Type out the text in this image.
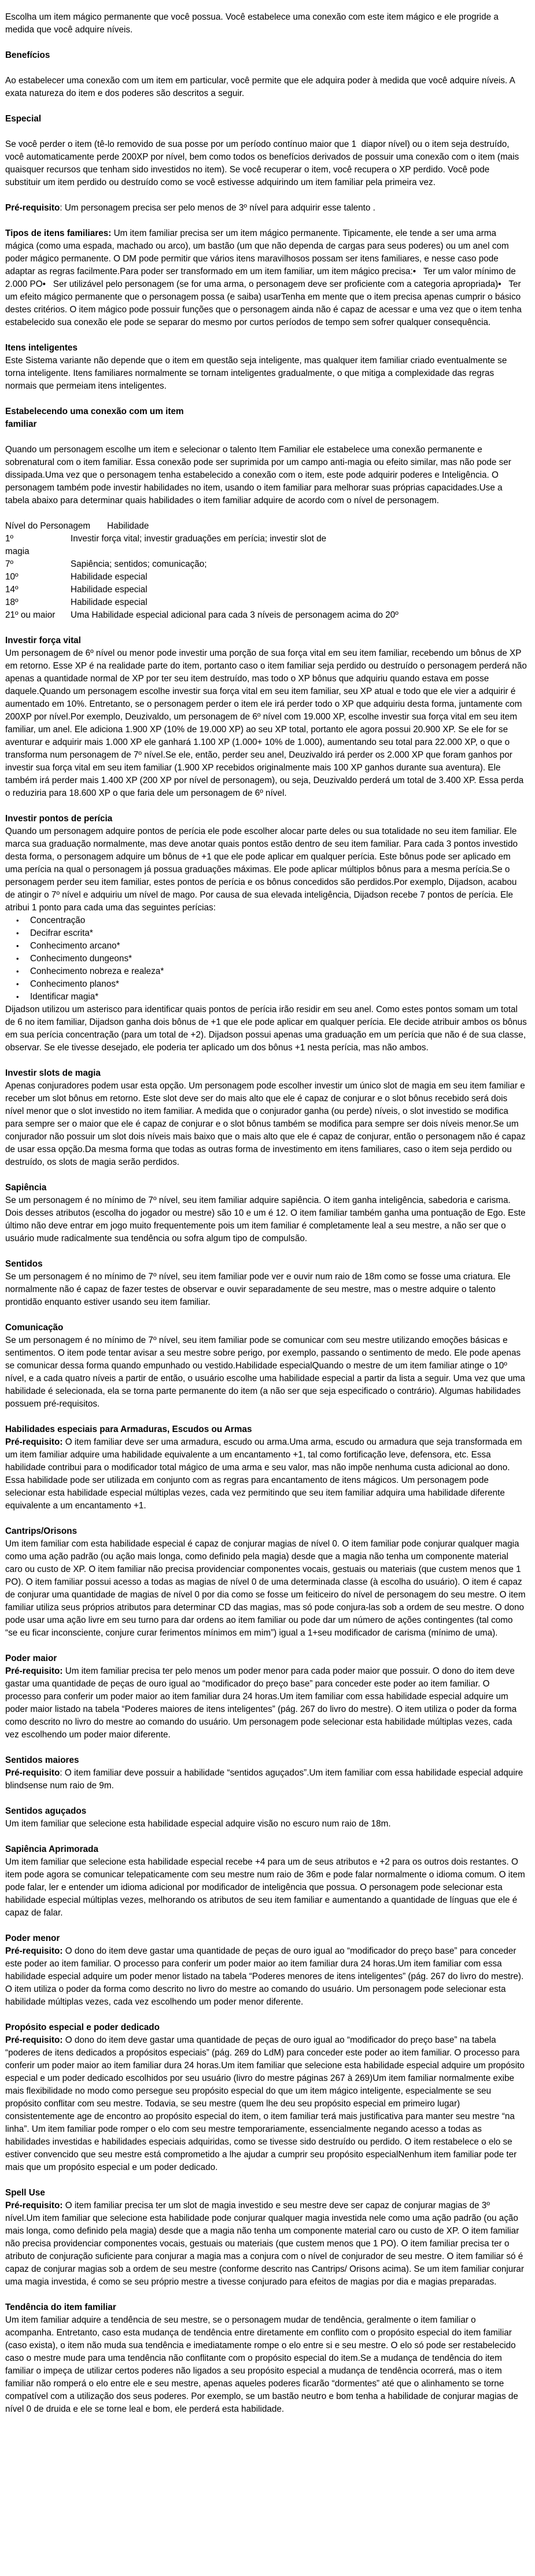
Escolha um item mágico permanente que você possua. Você estabelece uma conexão com este item mágico e ele progride a medida que você adquire níveis.
Benefícios
Ao estabelecer uma conexão com um item em particular, você permite que ele adquira poder à medida que você adquire níveis. A exata natureza do item e dos poderes são descritos a seguir.
Especial
Se você perder o item (tê-lo removido de sua posse por um período contínuo maior que 1  diapor nível) ou o item seja destruído, você automaticamente perde 200XP por nível, bem como todos os benefícios derivados de possuir uma conexão com o item (mais quaisquer recursos que tenham sido investidos no item). Se você recuperar o item, você recupera o XP perdido. Você pode substituir um item perdido ou destruído como se você estivesse adquirindo um item familiar pela primeira vez.
Pré-requisito: Um personagem precisa ser pelo menos de 3º nível para adquirir esse talento .
Tipos de itens familiares: Um item familiar precisa ser um item mágico permanente. Tipicamente, ele tende a ser uma arma mágica (como uma espada, machado ou arco), um bastão (um que não dependa de cargas para seus poderes) ou um anel com poder mágico permanente. O DM pode permitir que vários itens maravilhosos possam ser itens familiares, e nesse caso pode adaptar as regras facilmente.Para poder ser transformado em um item familiar, um item mágico precisa:•   Ter um valor mínimo de 2.000 PO•   Ser utilizável pelo personagem (se for uma arma, o personagem deve ser proficiente com a categoria apropriada)•   Ter um efeito mágico permanente que o personagem possa (e saiba) usarTenha em mente que o item precisa apenas cumprir o básico destes critérios. O item mágico pode possuir funções que o personagem ainda não é capaz de acessar e uma vez que o item tenha estabelecido sua conexão ele pode se separar do mesmo por curtos períodos de tempo sem sofrer qualquer consequência.
Itens inteligentes
Este Sistema variante não depende que o item em questão seja inteligente, mas qualquer item familiar criado eventualmente se torna inteligente. Itens familiares normalmente se tornam inteligentes gradualmente, o que mitiga a complexidade das regras normais que permeiam itens inteligentes.
Estabelecendo uma conexão com um item
familiar
Quando um personagem escolhe um item e selecionar o talento Item Familiar ele estabelece uma conexão permanente e sobrenatural com o item familiar. Essa conexão pode ser suprimida por um campo anti-magia ou efeito similar, mas não pode ser dissipada.Uma vez que o personagem tenha estabelecido a conexão com o item, este pode adquirir poderes e Inteligência. O personagem também pode investir habilidades no item, usando o item familiar para melhorar suas próprias capacidades.Use a tabela abaixo para determinar quais habilidades o item familiar adquire de acordo com o nível de personagem.
Nível do Personagem Habilidade
1º	Investir força vital; investir graduações em perícia; investir slot de
magia
7º	Sapiência; sentidos; comunicação;
10º	Habilidade especial
14º	Habilidade especial
18º	Habilidade especial
21º ou maior Uma Habilidade especial adicional para cada 3 níveis de personagem acima do 20º
Investir força vital
Um personagem de 6º nível ou menor pode investir uma porção de sua força vital em seu item familiar, recebendo um bônus de XP em retorno. Esse XP é na realidade parte do item, portanto caso o item familiar seja perdido ou destruído o personagem perderá não apenas a quantidade normal de XP por ter seu item destruído, mas todo o XP bônus que adquiriu quando estava em posse daquele.Quando um personagem escolhe investir sua força vital em seu item familiar, seu XP atual e todo que ele vier a adquirir é aumentado em 10%. Entretanto, se o personagem perder o item ele irá perder todo o XP que adquiriu desta forma, juntamente com 200XP por nível.Por exemplo, Deuzivaldo, um personagem de 6º nível com 19.000 XP, escolhe investir sua força vital em seu item familiar, um anel. Ele adiciona 1.900 XP (10% de 19.000 XP) ao seu XP total, portanto ele agora possui 20.900 XP. Se ele for se aventurar e adquirir mais 1.000 XP ele ganhará 1.100 XP (1.000+ 10% de 1.000), aumentando seu total para 22.000 XP, o que o transforma num personagem de 7º nível.Se ele, então, perder seu anel, Deuzivaldo irá perder os 2.000 XP que foram ganhos por investir sua força vital em seu item familiar (1.900 XP recebidos originalmente mais 100 XP ganhos durante sua aventura). Ele também irá perder mais 1.400 XP (200 XP por nível de personagem), ou seja, Deuzivaldo perderá um total de 3.400 XP. Essa perda o reduziria para 18.600 XP o que faria dele um personagem de 6º nível.
Investir pontos de perícia
Quando um personagem adquire pontos de perícia ele pode escolher alocar parte deles ou sua totalidade no seu item familiar. Ele marca sua graduação normalmente, mas deve anotar quais pontos estão dentro de seu item familiar. Para cada 3 pontos investido desta forma, o personagem adquire um bônus de +1 que ele pode aplicar em qualquer perícia. Este bônus pode ser aplicado em uma perícia na qual o personagem já possua graduações máximas. Ele pode aplicar múltiplos bônus para a mesma perícia.Se o personagem perder seu item familiar, estes pontos de perícia e os bônus concedidos são perdidos.Por exemplo, Dijadson, acabou de atingir o 7º nível e adquiriu um nível de mago. Por causa de sua elevada inteligência, Dijadson recebe 7 pontos de perícia. Ele atribui 1 ponto para cada uma das seguintes perícias:
• Concentração
• Decifrar escrita*
• Conhecimento arcano*
• Conhecimento dungeons*
• Conhecimento nobreza e realeza*
• Conhecimento planos*
• Identificar magia*
Dijadson utilizou um asterisco para identificar quais pontos de perícia irão residir em seu anel. Como estes pontos somam um total de 6 no item familiar, Dijadson ganha dois bônus de +1 que ele pode aplicar em qualquer perícia. Ele decide atribuir ambos os bônus em sua perícia concentração (para um total de +2). Dijadson possui apenas uma graduação em um perícia que não é de sua classe, observar. Se ele tivesse desejado, ele poderia ter aplicado um dos bônus +1 nesta perícia, mas não ambos.
Investir slots de magia
Apenas conjuradores podem usar esta opção. Um personagem pode escolher investir um único slot de magia em seu item familiar e receber um slot bônus em retorno. Este slot deve ser do mais alto que ele é capaz de conjurar e o slot bônus recebido será dois nível menor que o slot investido no item familiar. A medida que o conjurador ganha (ou perde) níveis, o slot investido se modifica para sempre ser o maior que ele é capaz de conjurar e o slot bônus também se modifica para sempre ser dois níveis menor.Se um conjurador não possuir um slot dois níveis mais baixo que o mais alto que ele é capaz de conjurar, então o personagem não é capaz de usar essa opção.Da mesma forma que todas as outras forma de investimento em itens familiares, caso o item seja perdido ou destruído, os slots de magia serão perdidos.
Sapiência
Se um personagem é no mínimo de 7º nível, seu item familiar adquire sapiência. O item ganha inteligência, sabedoria e carisma. Dois desses atributos (escolha do jogador ou mestre) são 10 e um é 12. O item familiar também ganha uma pontuação de Ego. Este último não deve entrar em jogo muito frequentemente pois um item familiar é completamente leal a seu mestre, a não ser que o usuário mude radicalmente sua tendência ou sofra algum tipo de compulsão.
Sentidos
Se um personagem é no mínimo de 7º nível, seu item familiar pode ver e ouvir num raio de 18m como se fosse uma criatura. Ele normalmente não é capaz de fazer testes de observar e ouvir separadamente de seu mestre, mas o mestre adquire o talento prontidão enquanto estiver usando seu item familiar.
Comunicação
Se um personagem é no mínimo de 7º nível, seu item familiar pode se comunicar com seu mestre utilizando emoções básicas e sentimentos. O item pode tentar avisar a seu mestre sobre perigo, por exemplo, passando o sentimento de medo. Ele pode apenas se comunicar dessa forma quando empunhado ou vestido.Habilidade especialQuando o mestre de um item familiar atinge o 10º nível, e a cada quatro níveis a partir de então, o usuário escolhe uma habilidade especial a partir da lista a seguir. Uma vez que uma habilidade é selecionada, ela se torna parte permanente do item (a não ser que seja especificado o contrário). Algumas habilidades possuem pré-requisitos.
Habilidades especiais para Armaduras, Escudos ou Armas
Pré-requisito: O item familiar deve ser uma armadura, escudo ou arma.Uma arma, escudo ou armadura que seja transformada em um item familiar adquire uma habilidade equivalente a um encantamento +1, tal como fortificação leve, defensora, etc. Essa habilidade contribui para o modificador total mágico de uma arma e seu valor, mas não impõe nenhuma custa adicional ao dono. Essa habilidade pode ser utilizada em conjunto com as regras para encantamento de itens mágicos. Um personagem pode selecionar esta habilidade especial múltiplas vezes, cada vez permitindo que seu item familiar adquira uma habilidade diferente equivalente a um encantamento +1.
Cantrips/Orisons
Um item familiar com esta habilidade especial é capaz de conjurar magias de nível 0. O item familiar pode conjurar qualquer magia como uma ação padrão (ou ação mais longa, como definido pela magia) desde que a magia não tenha um componente material caro ou custo de XP. O item familiar não precisa providenciar componentes vocais, gestuais ou materiais (que custem menos que 1 PO). O item familiar possui acesso a todas as magias de nível 0 de uma determinada classe (à escolha do usuário). O item é capaz de conjurar uma quantidade de magias de nível 0 por dia como se fosse um feiticeiro do nível de personagem do seu mestre. O item familiar utiliza seus próprios atributos para determinar CD das magias, mas só pode conjura-las sob a ordem de seu mestre. O dono pode usar uma ação livre em seu turno para dar ordens ao item familiar ou pode dar um número de ações contingentes (tal como “se eu ficar inconsciente, conjure curar ferimentos mínimos em mim”) igual a 1+seu modificador de carisma (mínimo de uma).
Poder maior
Pré-requisito: Um item familiar precisa ter pelo menos um poder menor para cada poder maior que possuir. O dono do item deve gastar uma quantidade de peças de ouro igual ao “modificador do preço base” para conceder este poder ao item familiar. O processo para conferir um poder maior ao item familiar dura 24 horas.Um item familiar com essa habilidade especial adquire um poder maior listado na tabela “Poderes maiores de itens inteligentes” (pág. 267 do livro do mestre). O item utiliza o poder da forma como descrito no livro do mestre ao comando do usuário. Um personagem pode selecionar esta habilidade múltiplas vezes, cada vez escolhendo um poder maior diferente.
Sentidos maiores
Pré-requisito: O item familiar deve possuir a habilidade “sentidos aguçados”.Um item familiar com essa habilidade especial adquire blindsense num raio de 9m.
Sentidos aguçados
Um item familiar que selecione esta habilidade especial adquire visão no escuro num raio de 18m.
Sapiência Aprimorada
Um item familiar que selecione esta habilidade especial recebe +4 para um de seus atributos e +2 para os outros dois restantes. O item pode agora se comunicar telepaticamente com seu mestre num raio de 36m e pode falar normalmente o idioma comum. O item pode falar, ler e entender um idioma adicional por modificador de inteligência que possua. O personagem pode selecionar esta habilidade especial múltiplas vezes, melhorando os atributos de seu item familiar e aumentando a quantidade de línguas que ele é capaz de falar.
Poder menor
Pré-requisito: O dono do item deve gastar uma quantidade de peças de ouro igual ao “modificador do preço base” para conceder este poder ao item familiar. O processo para conferir um poder maior ao item familiar dura 24 horas.Um item familiar com essa habilidade especial adquire um poder menor listado na tabela “Poderes menores de itens inteligentes” (pág. 267 do livro do mestre). O item utiliza o poder da forma como descrito no livro do mestre ao comando do usuário. Um personagem pode selecionar esta habilidade múltiplas vezes, cada vez escolhendo um poder menor diferente.
Propósito especial e poder dedicado
Pré-requisito: O dono do item deve gastar uma quantidade de peças de ouro igual ao “modificador do preço base” na tabela “poderes de itens dedicados a propósitos especiais” (pág. 269 do LdM) para conceder este poder ao item familiar. O processo para conferir um poder maior ao item familiar dura 24 horas.Um item familiar que selecione esta habilidade especial adquire um propósito especial e um poder dedicado escolhidos por seu usuário (livro do mestre páginas 267 à 269)Um item familiar normalmente exibe mais flexibilidade no modo como persegue seu propósito especial do que um item mágico inteligente, especialmente se seu propósito conflitar com seu mestre. Todavia, se seu mestre (quem lhe deu seu propósito especial em primeiro lugar) consistentemente age de encontro ao propósito especial do item, o item familiar terá mais justificativa para manter seu mestre “na linha”. Um item familiar pode romper o elo com seu mestre temporariamente, essencialmente negando acesso a todas as habilidades investidas e habilidades especiais adquiridas, como se tivesse sido destruído ou perdido. O item restabelece o elo se estiver convencido que seu mestre está comprometido a lhe ajudar a cumprir seu propósito especialNenhum item familiar pode ter mais que um propósito especial e um poder dedicado.
Spell Use
Pré-requisito: O item familiar precisa ter um slot de magia investido e seu mestre deve ser capaz de conjurar magias de 3º nível.Um item familiar que selecione esta habilidade pode conjurar qualquer magia investida nele como uma ação padrão (ou ação mais longa, como definido pela magia) desde que a magia não tenha um componente material caro ou custo de XP. O item familiar não precisa providenciar componentes vocais, gestuais ou materiais (que custem menos que 1 PO). O item familiar precisa ter o atributo de conjuração suficiente para conjurar a magia mas a conjura com o nível de conjurador de seu mestre. O item familiar só é capaz de conjurar magias sob a ordem de seu mestre (conforme descrito nas Cantrips/ Orisons acima). Se um item familiar conjurar uma magia investida, é como se seu próprio mestre a tivesse conjurado para efeitos de magias por dia e magias preparadas.
Tendência do item familiar
Um item familiar adquire a tendência de seu mestre, se o personagem mudar de tendência, geralmente o item familiar o acompanha. Entretanto, caso esta mudança de tendência entre diretamente em conflito com o propósito especial do item familiar (caso exista), o item não muda sua tendência e imediatamente rompe o elo entre si e seu mestre. O elo só pode ser restabelecido caso o mestre mude para uma tendência não conflitante com o propósito especial do item.Se a mudança de tendência do item familiar o impeça de utilizar certos poderes não ligados a seu propósito especial a mudança de tendência ocorrerá, mas o item familiar não romperá o elo entre ele e seu mestre, apenas aqueles poderes ficarão “dormentes” até que o alinhamento se torne compatível com a utilização dos seus poderes. Por exemplo, se um bastão neutro e bom tenha a habilidade de conjurar magias de nível 0 de druida e ele se torne leal e bom, ele perderá esta habilidade.
